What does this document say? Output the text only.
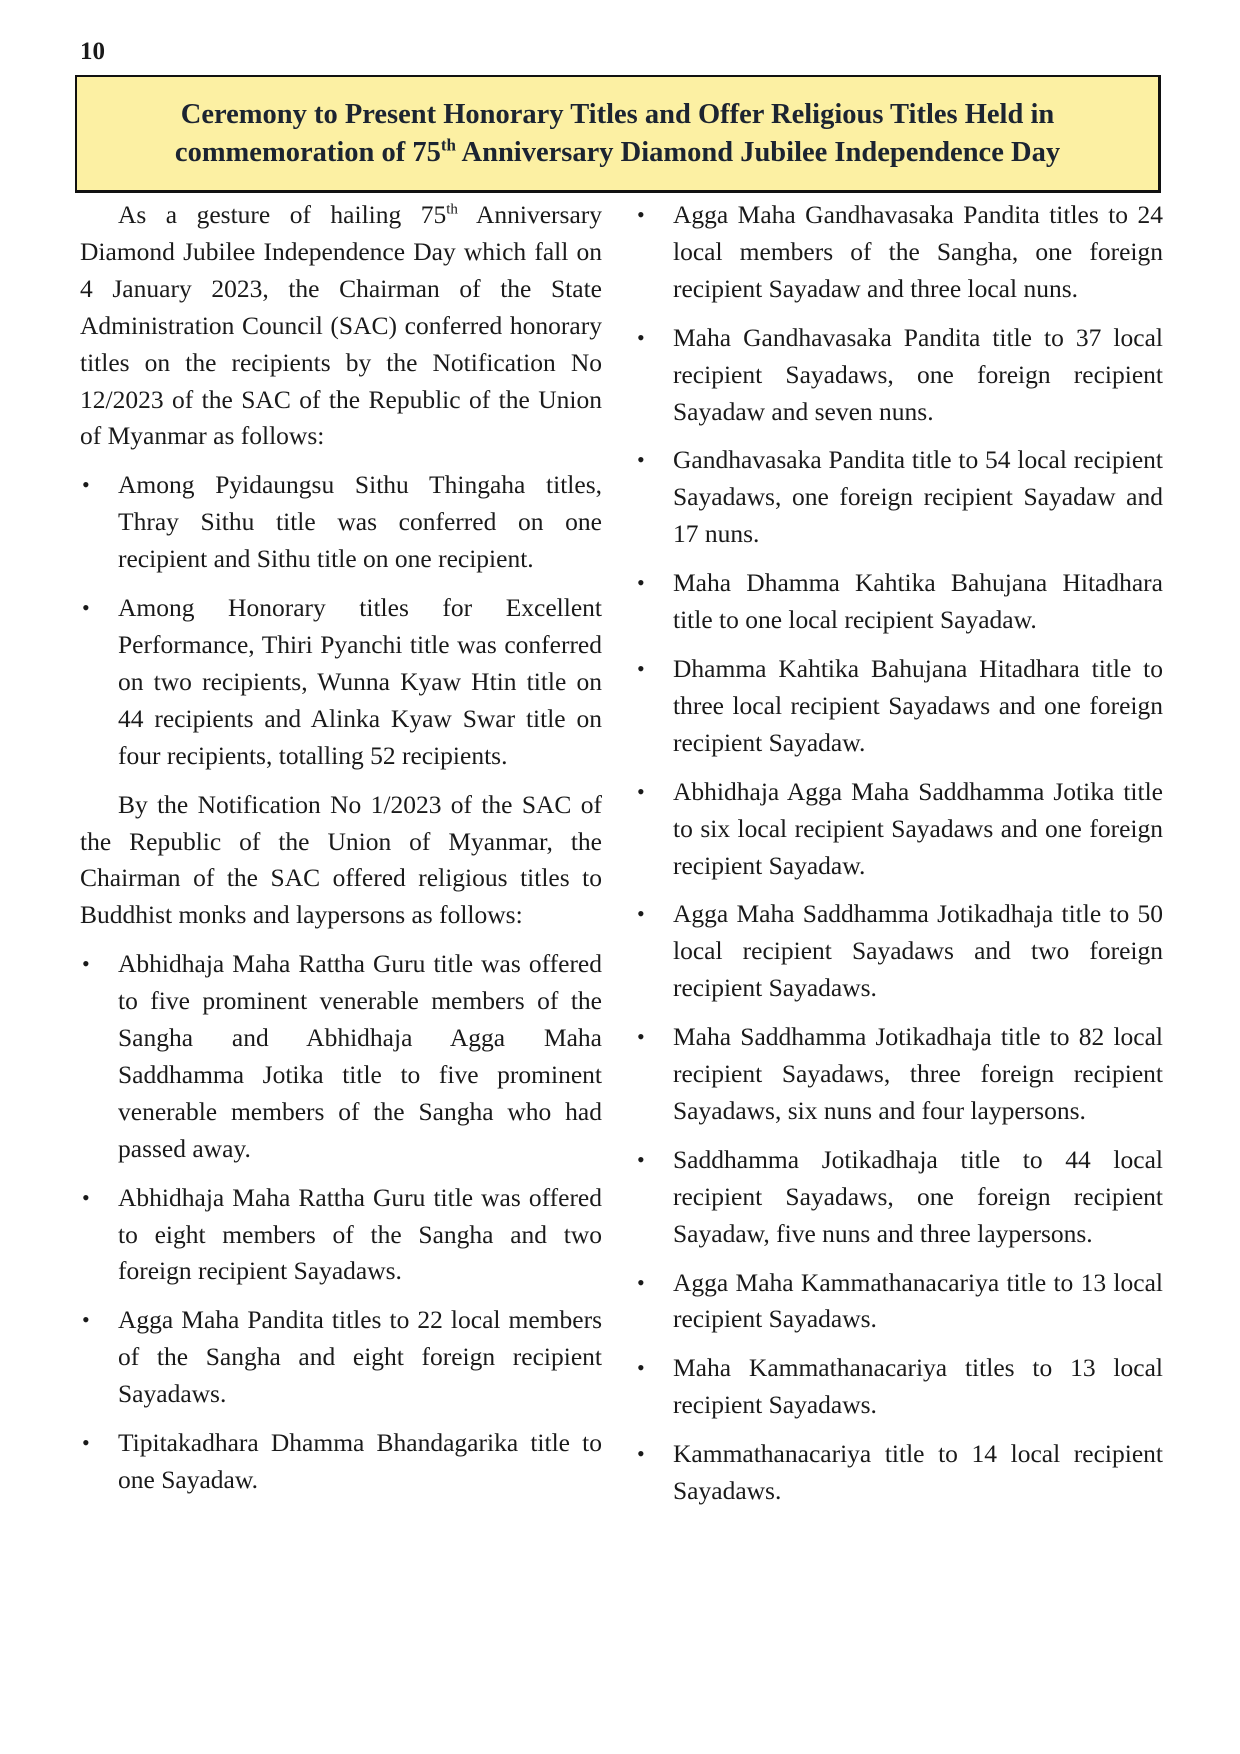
10
Ceremony to Present Honorary Titles and Offer Religious Titles Held in
commemoration of 75th Anniversary Diamond Jubilee Independence Day

As a gesture of hailing 75th Anniversary Diamond Jubilee Independence Day which fall on 4 January 2023, the Chairman of the State Administration Council (SAC) conferred honorary titles on the recipients by the Notification No 12/2023 of the SAC of the Republic of the Union of Myanmar as follows:

• Among Pyidaungsu Sithu Thingaha titles, Thray Sithu title was conferred on one recipient and Sithu title on one recipient.
• Among Honorary titles for Excellent Performance, Thiri Pyanchi title was conferred on two recipients, Wunna Kyaw Htin title on 44 recipients and Alinka Kyaw Swar title on four recipients, totalling 52 recipients.

By the Notification No 1/2023 of the SAC of the Republic of the Union of Myanmar, the Chairman of the SAC offered religious titles to Buddhist monks and laypersons as follows:

• Abhidhaja Maha Rattha Guru title was offered to five prominent venerable members of the Sangha and Abhidhaja Agga Maha Saddhamma Jotika title to five prominent venerable members of the Sangha who had passed away.
• Abhidhaja Maha Rattha Guru title was offered to eight members of the Sangha and two foreign recipient Sayadaws.
• Agga Maha Pandita titles to 22 local members of the Sangha and eight foreign recipient Sayadaws.
• Tipitakadhara Dhamma Bhandagarika title to one Sayadaw.
• Agga Maha Gandhavasaka Pandita titles to 24 local members of the Sangha, one foreign recipient Sayadaw and three local nuns.
• Maha Gandhavasaka Pandita title to 37 local recipient Sayadaws, one foreign recipient Sayadaw and seven nuns.
• Gandhavasaka Pandita title to 54 local recipient Sayadaws, one foreign recipient Sayadaw and 17 nuns.
• Maha Dhamma Kahtika Bahujana Hitadhara title to one local recipient Sayadaw.
• Dhamma Kahtika Bahujana Hitadhara title to three local recipient Sayadaws and one foreign recipient Sayadaw.
• Abhidhaja Agga Maha Saddhamma Jotika title to six local recipient Sayadaws and one foreign recipient Sayadaw.
• Agga Maha Saddhamma Jotikadhaja title to 50 local recipient Sayadaws and two foreign recipient Sayadaws.
• Maha Saddhamma Jotikadhaja title to 82 local recipient Sayadaws, three foreign recipient Sayadaws, six nuns and four laypersons.
• Saddhamma Jotikadhaja title to 44 local recipient Sayadaws, one foreign recipient Sayadaw, five nuns and three laypersons.
• Agga Maha Kammathanacariya title to 13 local recipient Sayadaws.
• Maha Kammathanacariya titles to 13 local recipient Sayadaws.
• Kammathanacariya title to 14 local recipient Sayadaws.
